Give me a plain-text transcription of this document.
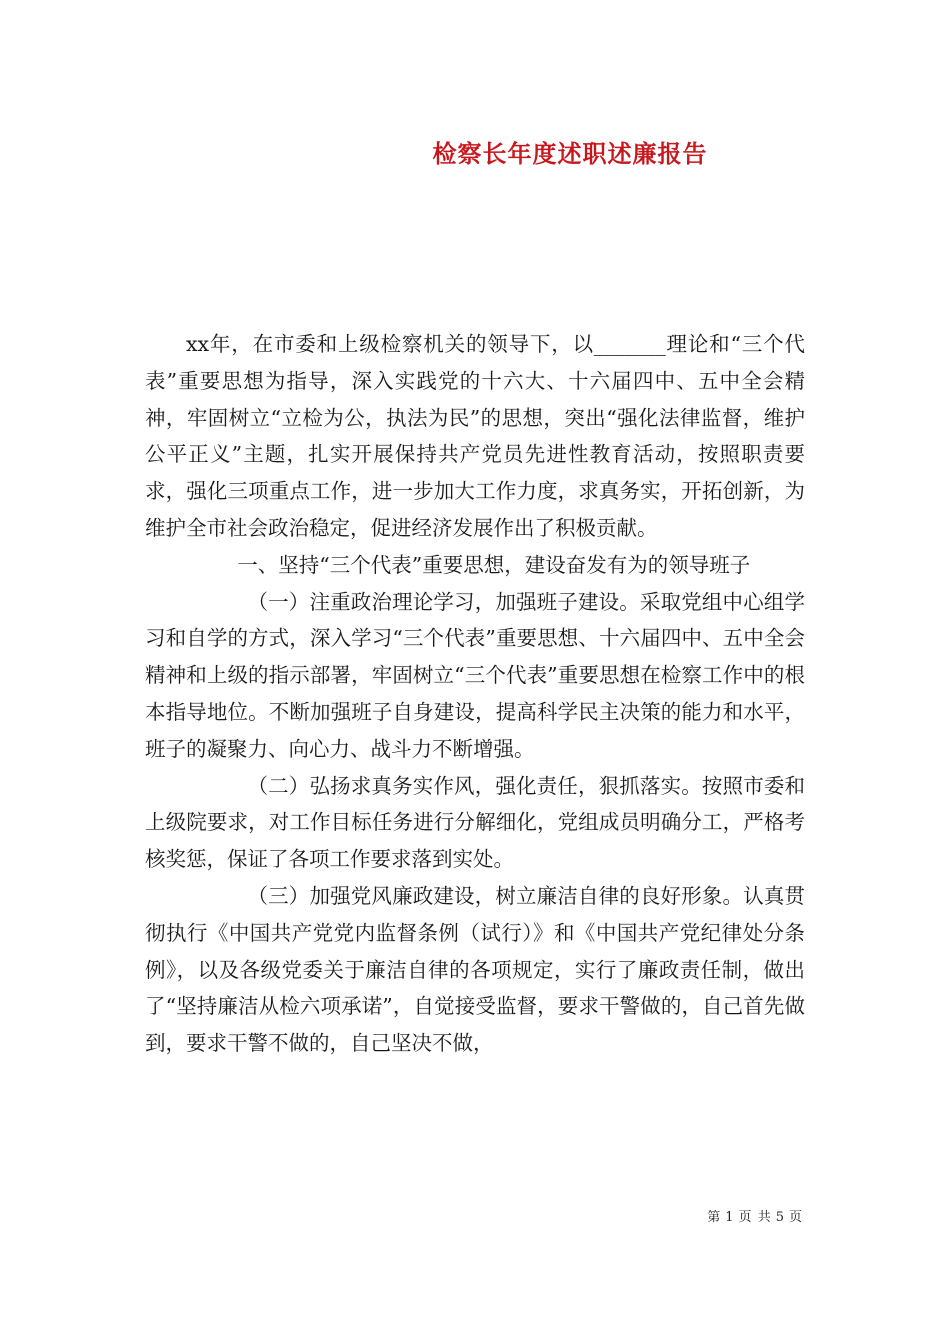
检察长年度述职述廉报告

xx年，在市委和上级检察机关的领导下，以_______理论和“三个代表”重要思想为指导，深入实践党的十六大、十六届四中、五中全会精神，牢固树立“立检为公，执法为民”的思想，突出“强化法律监督，维护公平正义”主题，扎实开展保持共产党员先进性教育活动，按照职责要求，强化三项重点工作，进一步加大工作力度，求真务实，开拓创新，为维护全市社会政治稳定，促进经济发展作出了积极贡献。

一、坚持“三个代表”重要思想，建设奋发有为的领导班子

（一）注重政治理论学习，加强班子建设。采取党组中心组学习和自学的方式，深入学习“三个代表”重要思想、十六届四中、五中全会精神和上级的指示部署，牢固树立“三个代表”重要思想在检察工作中的根本指导地位。不断加强班子自身建设，提高科学民主决策的能力和水平，班子的凝聚力、向心力、战斗力不断增强。

（二）弘扬求真务实作风，强化责任，狠抓落实。按照市委和上级院要求，对工作目标任务进行分解细化，党组成员明确分工，严格考核奖惩，保证了各项工作要求落到实处。

（三）加强党风廉政建设，树立廉洁自律的良好形象。认真贯彻执行《中国共产党党内监督条例（试行）》和《中国共产党纪律处分条例》，以及各级党委关于廉洁自律的各项规定，实行了廉政责任制，做出了“坚持廉洁从检六项承诺”，自觉接受监督，要求干警做的，自己首先做到，要求干警不做的，自己坚决不做，

第 1 页 共 5 页
